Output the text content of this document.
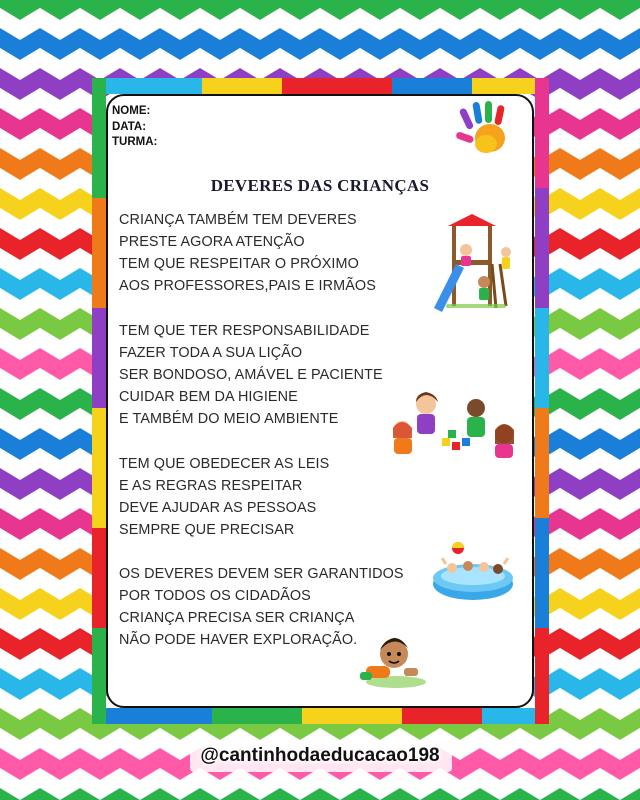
NOME:
DATA:
TURMA:
DEVERES DAS CRIANÇAS
CRIANÇA TAMBÉM TEM DEVERES
PRESTE AGORA ATENÇÃO
TEM QUE RESPEITAR O PRÓXIMO
AOS PROFESSORES,PAIS E IRMÃOS
TEM QUE TER RESPONSABILIDADE
FAZER TODA A SUA LIÇÃO
SER BONDOSO, AMÁVEL E PACIENTE
CUIDAR BEM DA HIGIENE
E TAMBÉM DO MEIO AMBIENTE
TEM QUE OBEDECER AS LEIS
E AS REGRAS RESPEITAR
DEVE AJUDAR AS PESSOAS
SEMPRE QUE PRECISAR
OS DEVERES DEVEM SER GARANTIDOS
POR TODOS OS CIDADÃOS
CRIANÇA PRECISA SER CRIANÇA
NÃO PODE HAVER EXPLORAÇÃO.
@cantinhodaeducacao198
